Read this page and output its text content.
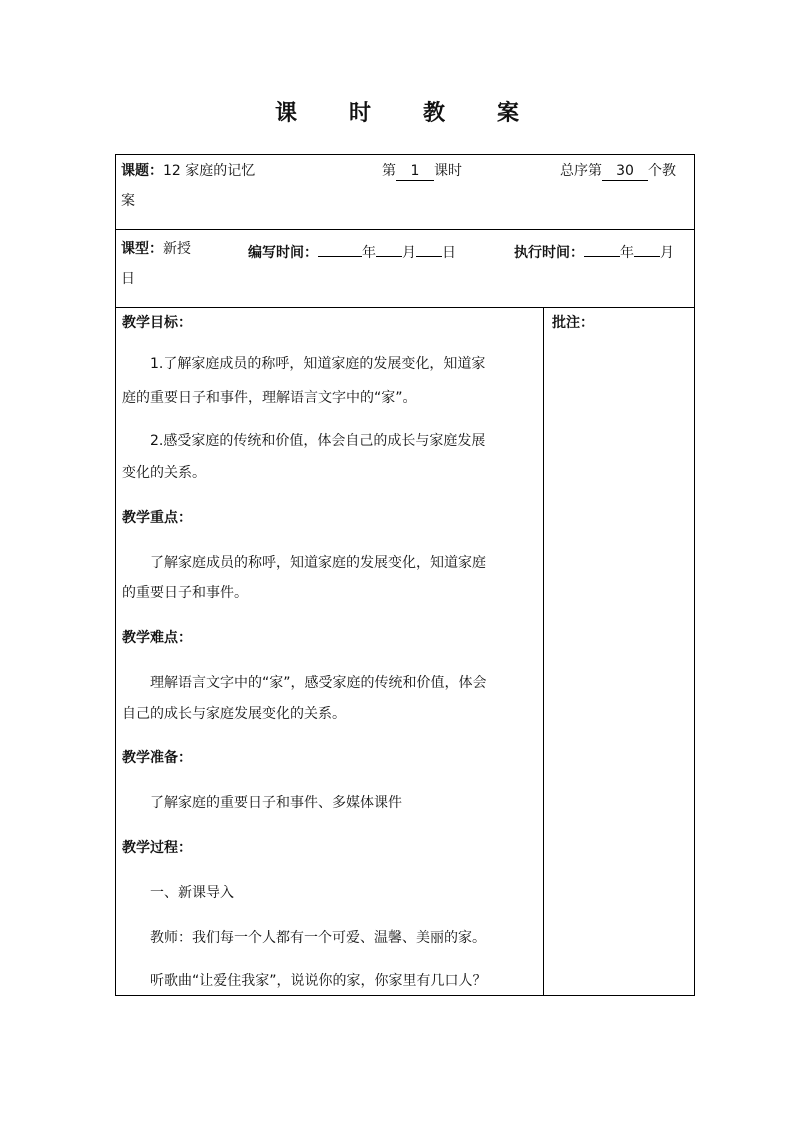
课 时 教 案
课题：12 家庭的记忆	第 1 课时	总序第 30 个教
案
课型：新授	编写时间：	年 月 日	执行时间：	年 月
日
批注：
教学目标：
1.了解家庭成员的称呼，知道家庭的发展变化，知道家
庭的重要日子和事件，理解语言文字中的“家”。
2.感受家庭的传统和价值，体会自己的成长与家庭发展
变化的关系。
教学重点：
了解家庭成员的称呼，知道家庭的发展变化，知道家庭
的重要日子和事件。
教学难点：
理解语言文字中的“家”，感受家庭的传统和价值，体会
自己的成长与家庭发展变化的关系。
教学准备：
了解家庭的重要日子和事件、多媒体课件
教学过程：
一、新课导入
教师：我们每一个人都有一个可爱、温馨、美丽的家。
听歌曲“让爱住我家”，说说你的家，你家里有几口人？
